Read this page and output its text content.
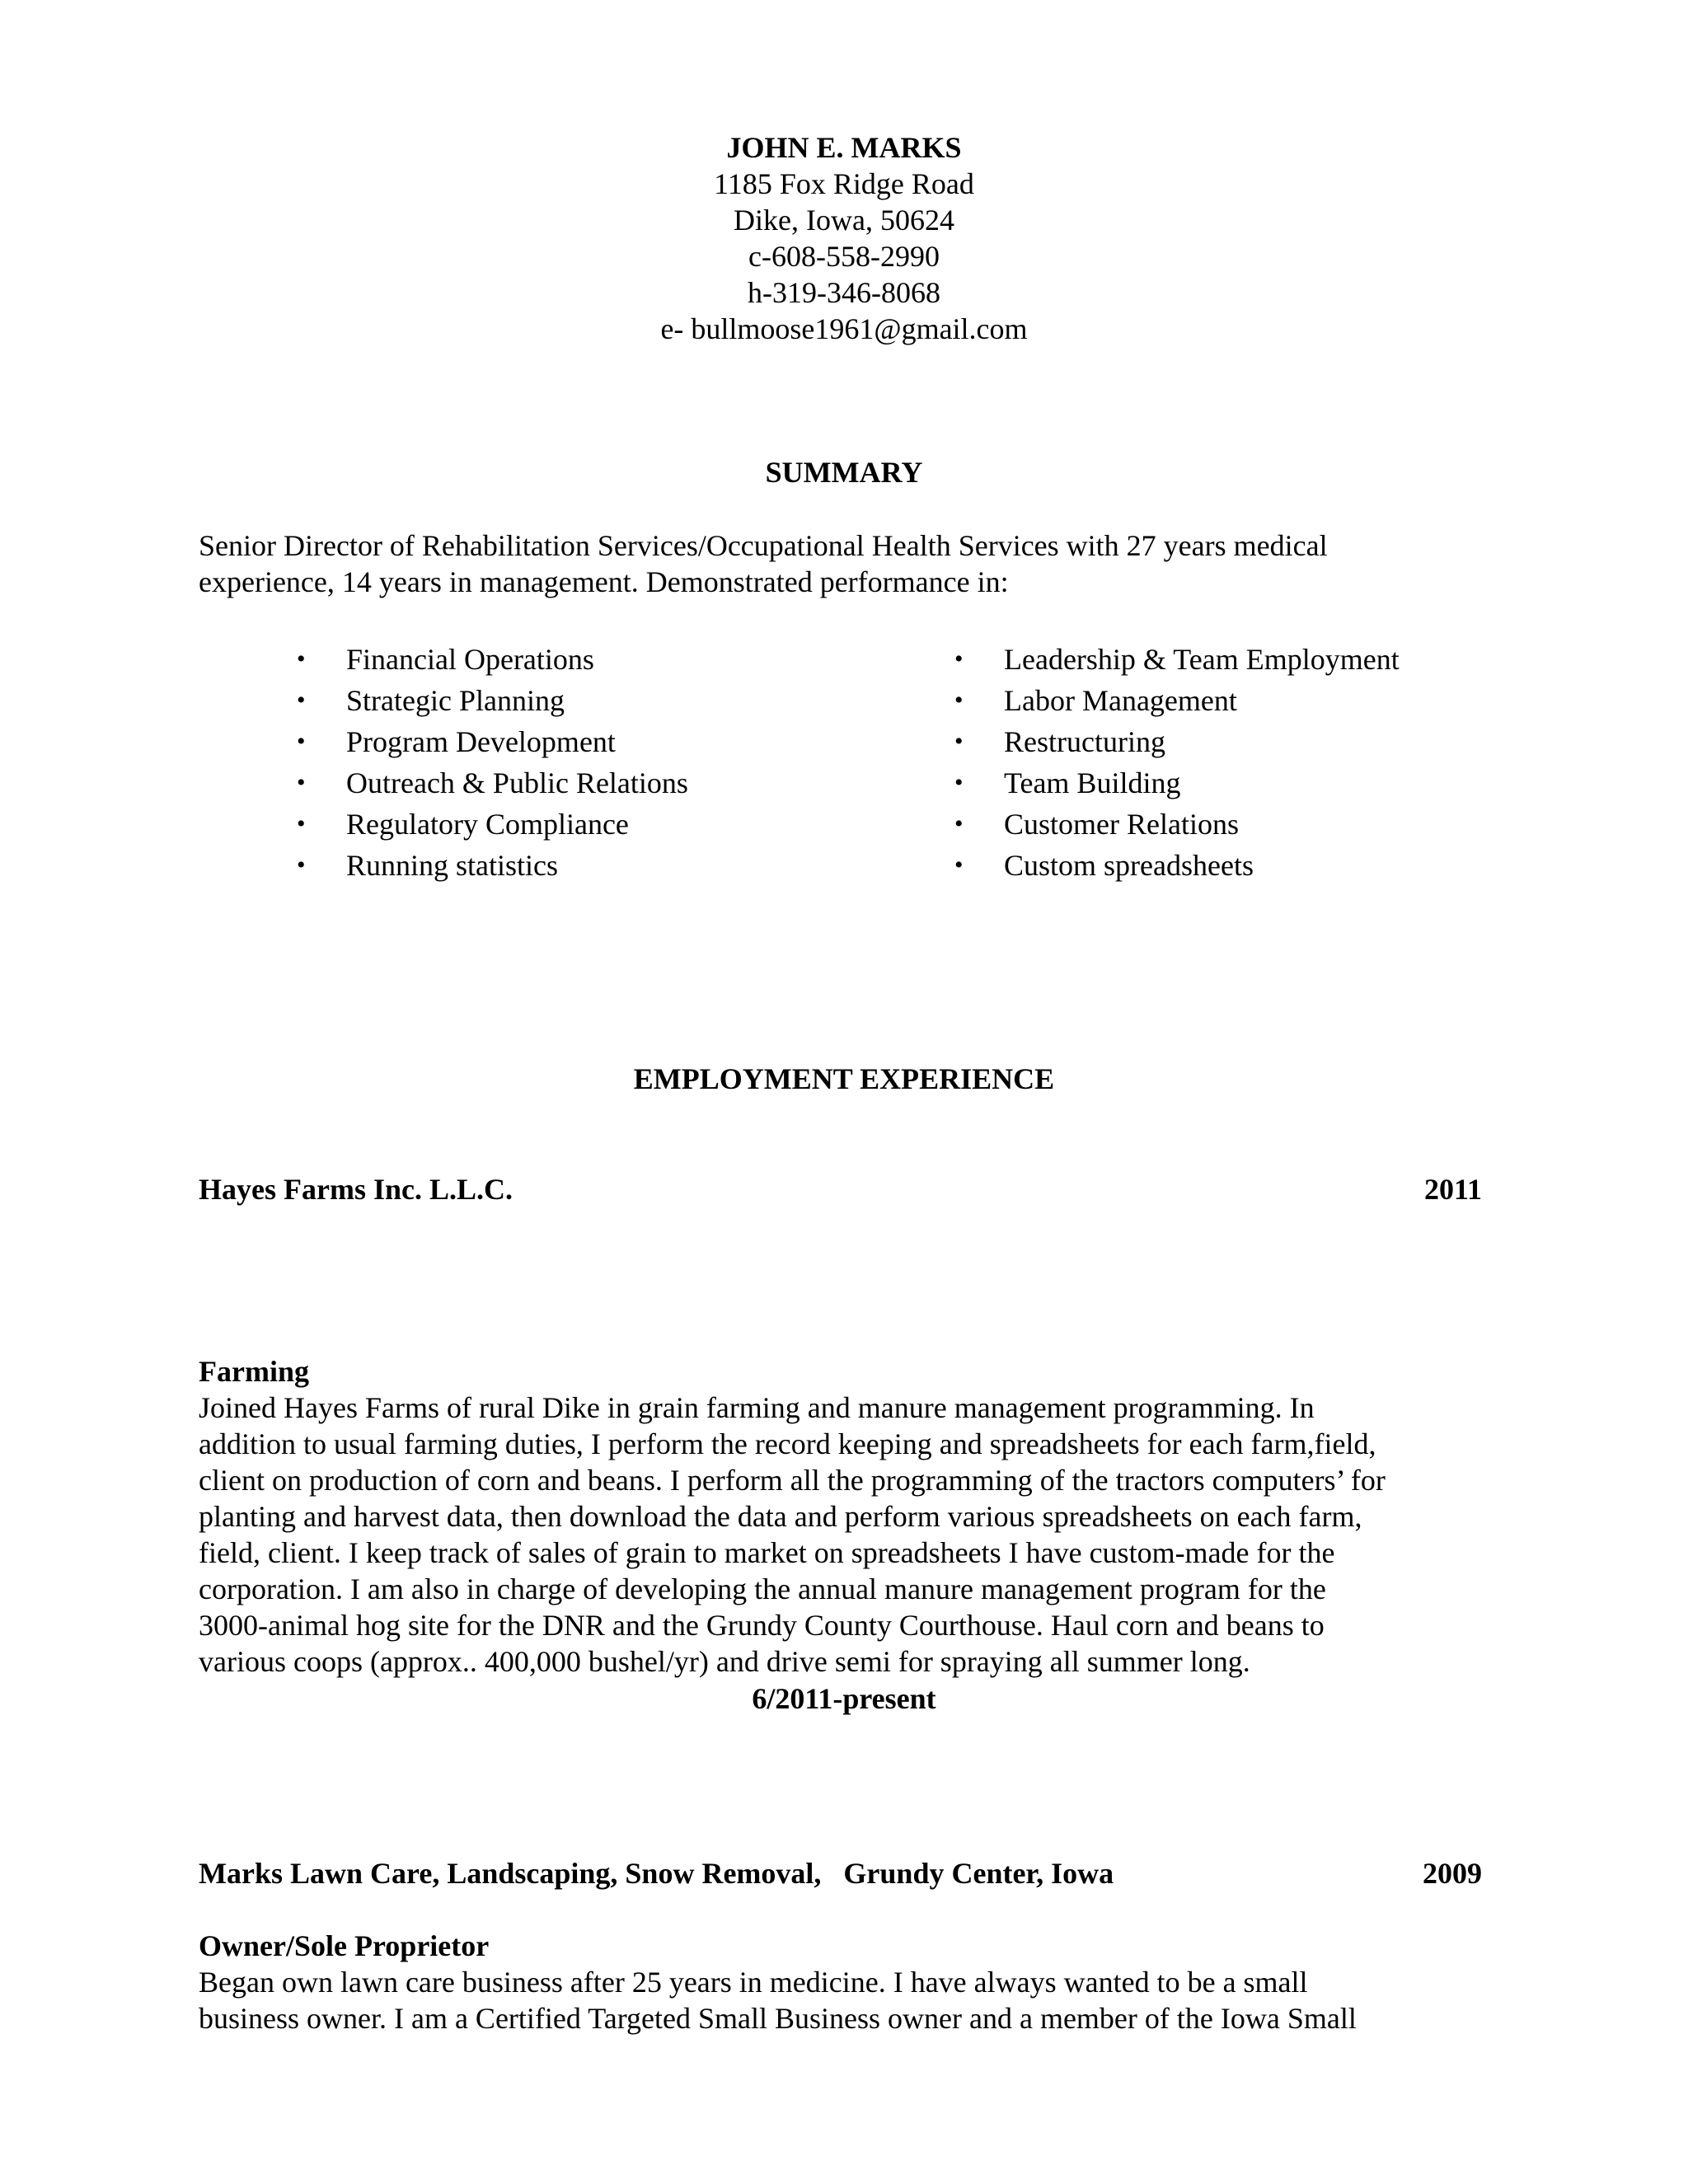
JOHN E. MARKS
1185 Fox Ridge Road
Dike, Iowa, 50624
c-608-558-2990
h-319-346-8068
e- bullmoose1961@gmail.com
SUMMARY
Senior Director of Rehabilitation Services/Occupational Health Services with 27 years medical
experience, 14 years in management. Demonstrated performance in:
• Financial Operations
• Strategic Planning
• Program Development
• Outreach & Public Relations
• Regulatory Compliance
• Running statistics
• Leadership & Team Employment
• Labor Management
• Restructuring
• Team Building
• Customer Relations
• Custom spreadsheets
EMPLOYMENT EXPERIENCE
Hayes Farms Inc. L.L.C.	2011
Farming
Joined Hayes Farms of rural Dike in grain farming and manure management programming. In
addition to usual farming duties, I perform the record keeping and spreadsheets for each farm,field,
client on production of corn and beans. I perform all the programming of the tractors computers’ for
planting and harvest data, then download the data and perform various spreadsheets on each farm,
field, client. I keep track of sales of grain to market on spreadsheets I have custom-made for the
corporation. I am also in charge of developing the annual manure management program for the
3000-animal hog site for the DNR and the Grundy County Courthouse. Haul corn and beans to
various coops (approx.. 400,000 bushel/yr) and drive semi for spraying all summer long.
6/2011-present
Marks Lawn Care, Landscaping, Snow Removal,   Grundy Center, Iowa	2009
Owner/Sole Proprietor
Began own lawn care business after 25 years in medicine. I have always wanted to be a small
business owner. I am a Certified Targeted Small Business owner and a member of the Iowa Small
